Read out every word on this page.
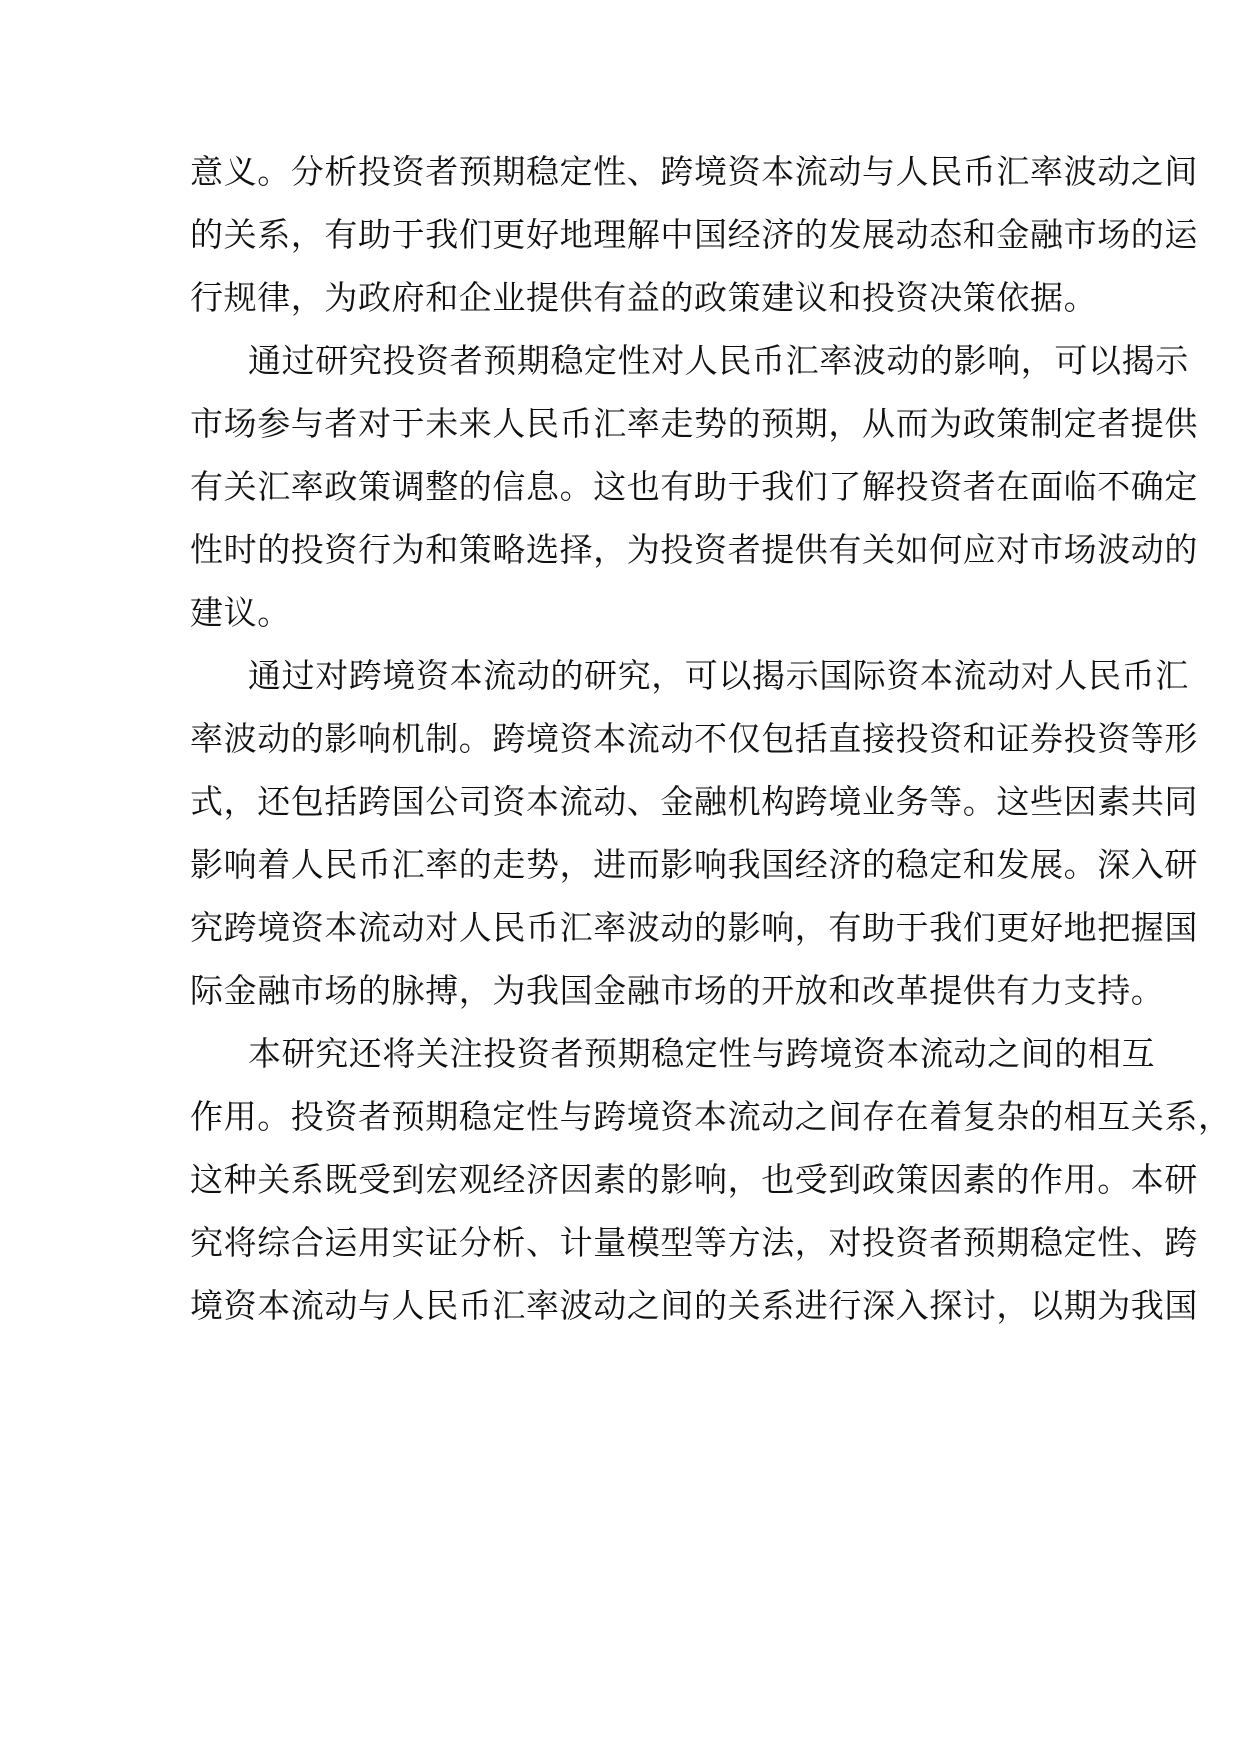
意义。分析投资者预期稳定性、跨境资本流动与人民币汇率波动之间
的关系，有助于我们更好地理解中国经济的发展动态和金融市场的运
行规律，为政府和企业提供有益的政策建议和投资决策依据。
通过研究投资者预期稳定性对人民币汇率波动的影响，可以揭示
市场参与者对于未来人民币汇率走势的预期，从而为政策制定者提供
有关汇率政策调整的信息。这也有助于我们了解投资者在面临不确定
性时的投资行为和策略选择，为投资者提供有关如何应对市场波动的
建议。
通过对跨境资本流动的研究，可以揭示国际资本流动对人民币汇
率波动的影响机制。跨境资本流动不仅包括直接投资和证券投资等形
式，还包括跨国公司资本流动、金融机构跨境业务等。这些因素共同
影响着人民币汇率的走势，进而影响我国经济的稳定和发展。深入研
究跨境资本流动对人民币汇率波动的影响，有助于我们更好地把握国
际金融市场的脉搏，为我国金融市场的开放和改革提供有力支持。
本研究还将关注投资者预期稳定性与跨境资本流动之间的相互
作用。投资者预期稳定性与跨境资本流动之间存在着复杂的相互关系，
这种关系既受到宏观经济因素的影响，也受到政策因素的作用。本研
究将综合运用实证分析、计量模型等方法，对投资者预期稳定性、跨
境资本流动与人民币汇率波动之间的关系进行深入探讨，以期为我国
